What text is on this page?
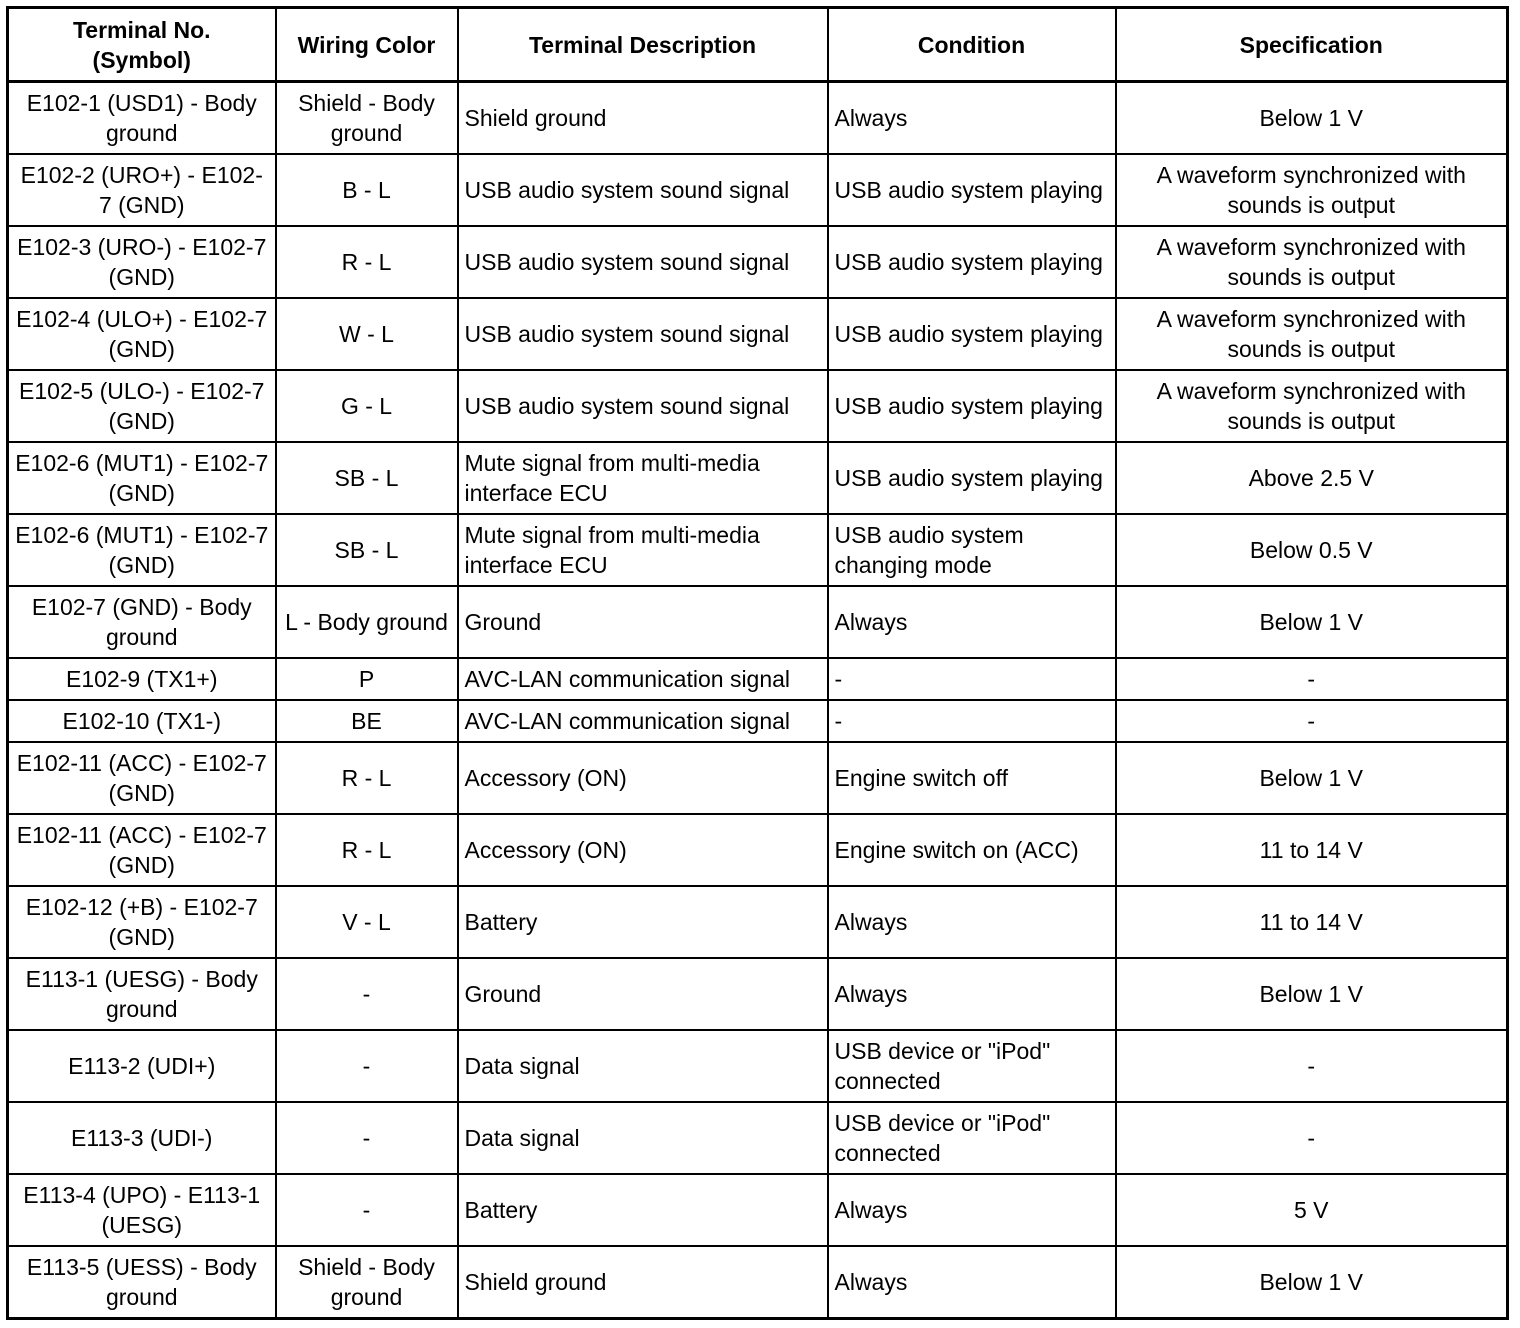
Terminal No.
(Symbol)	Wiring Color	Terminal Description	Condition	Specification
E102-1 (USD1) - Body ground	Shield - Body ground	Shield ground	Always	Below 1 V
E102-2 (URO+) - E102-7 (GND)	B - L	USB audio system sound signal	USB audio system playing	A waveform synchronized with sounds is output
E102-3 (URO-) - E102-7 (GND)	R - L	USB audio system sound signal	USB audio system playing	A waveform synchronized with sounds is output
E102-4 (ULO+) - E102-7 (GND)	W - L	USB audio system sound signal	USB audio system playing	A waveform synchronized with sounds is output
E102-5 (ULO-) - E102-7 (GND)	G - L	USB audio system sound signal	USB audio system playing	A waveform synchronized with sounds is output
E102-6 (MUT1) - E102-7 (GND)	SB - L	Mute signal from multi-media interface ECU	USB audio system playing	Above 2.5 V
E102-6 (MUT1) - E102-7 (GND)	SB - L	Mute signal from multi-media interface ECU	USB audio system changing mode	Below 0.5 V
E102-7 (GND) - Body ground	L - Body ground	Ground	Always	Below 1 V
E102-9 (TX1+)	P	AVC-LAN communication signal	-	-
E102-10 (TX1-)	BE	AVC-LAN communication signal	-	-
E102-11 (ACC) - E102-7 (GND)	R - L	Accessory (ON)	Engine switch off	Below 1 V
E102-11 (ACC) - E102-7 (GND)	R - L	Accessory (ON)	Engine switch on (ACC)	11 to 14 V
E102-12 (+B) - E102-7 (GND)	V - L	Battery	Always	11 to 14 V
E113-1 (UESG) - Body ground	-	Ground	Always	Below 1 V
E113-2 (UDI+)	-	Data signal	USB device or "iPod" connected	-
E113-3 (UDI-)	-	Data signal	USB device or "iPod" connected	-
E113-4 (UPO) - E113-1 (UESG)	-	Battery	Always	5 V
E113-5 (UESS) - Body ground	Shield - Body ground	Shield ground	Always	Below 1 V
